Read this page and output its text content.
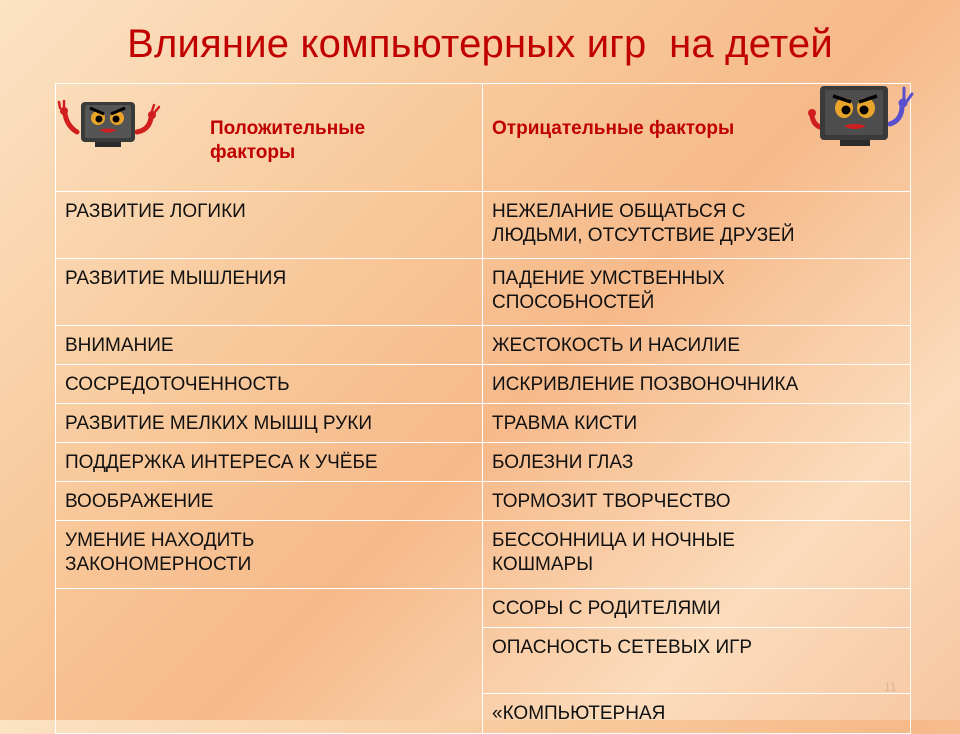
Влияние компьютерных игр  на детей

Положительные
факторы	Отрицательные факторы

РАЗВИТИЕ ЛОГИКИ	НЕЖЕЛАНИЕ ОБЩАТЬСЯ С
ЛЮДЬМИ, ОТСУТСТВИЕ ДРУЗЕЙ
РАЗВИТИЕ МЫШЛЕНИЯ	ПАДЕНИЕ УМСТВЕННЫХ
СПОСОБНОСТЕЙ
ВНИМАНИЕ	ЖЕСТОКОСТЬ И НАСИЛИЕ
СОСРЕДОТОЧЕННОСТЬ	ИСКРИВЛЕНИЕ ПОЗВОНОЧНИКА
РАЗВИТИЕ МЕЛКИХ МЫШЦ РУКИ	ТРАВМА КИСТИ
ПОДДЕРЖКА ИНТЕРЕСА К УЧЁБЕ	БОЛЕЗНИ ГЛАЗ
ВООБРАЖЕНИЕ	ТОРМОЗИТ ТВОРЧЕСТВО
УМЕНИЕ НАХОДИТЬ
ЗАКОНОМЕРНОСТИ	БЕССОННИЦА И НОЧНЫЕ
КОШМАРЫ
	ССОРЫ С РОДИТЕЛЯМИ
	ОПАСНОСТЬ СЕТЕВЫХ ИГР
	«КОМПЬЮТЕРНАЯ
11
